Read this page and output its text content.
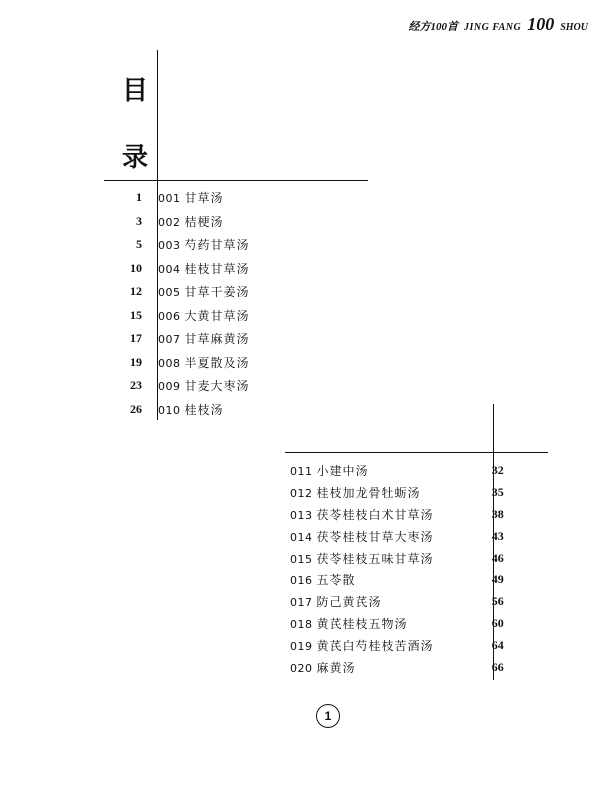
经方100首 JING FANG 100 SHOU
目
录
1	001 甘草汤
3	002 桔梗汤
5	003 芍药甘草汤
10	004 桂枝甘草汤
12	005 甘草干姜汤
15	006 大黄甘草汤
17	007 甘草麻黄汤
19	008 半夏散及汤
23	009 甘麦大枣汤
26	010 桂枝汤
011 小建中汤	32
012 桂枝加龙骨牡蛎汤	35
013 茯苓桂枝白术甘草汤	38
014 茯苓桂枝甘草大枣汤	43
015 茯苓桂枝五味甘草汤	46
016 五苓散	49
017 防己黄芪汤	56
018 黄芪桂枝五物汤	60
019 黄芪白芍桂枝苦酒汤	64
020 麻黄汤	66
1
